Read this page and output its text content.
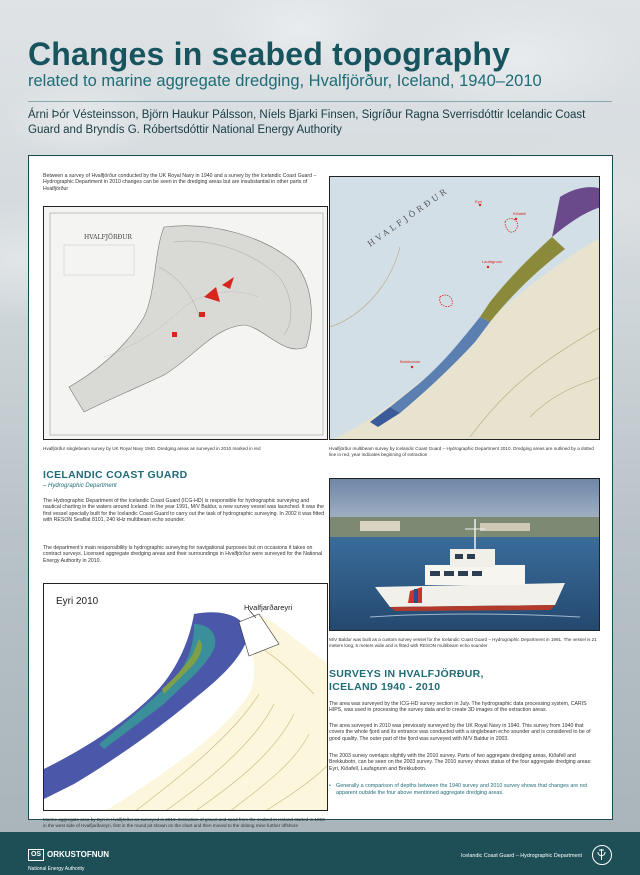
Changes in seabed topography
related to marine aggregate dredging, Hvalfjörður, Iceland, 1940–2010
Árni Þór Vésteinsson, Björn Haukur Pálsson, Níels Bjarki Finsen, Sigríður Ragna Sverrisdóttir Icelandic Coast Guard and Bryndís G. Róbertsdóttir National Energy Authority
Between a survey of Hvalfjörður conducted by the UK Royal Navy in 1940 and a survey by the Icelandic Coast Guard – Hydrographic Department in 2010 changes can be seen in the dredging areas but are insubstantial in other parts of Hvalfjörður
HVALFJÖRÐUR
Hvalfjörður singlebeam survey by UK Royal Navy 1940. Dredging areas as surveyed in 2010 marked in red
HVALFJÖRÐUR	Eyri
Kiðafell
Laufagrunn
Brekkubotn
Hvalfjörður multibeam survey by Icelandic Coast Guard – Hydrographic Department 2010. Dredging areas are outlined by a dotted line in red, year indicates beginning of extraction
ICELANDIC COAST GUARD
– Hydrographic Department
The Hydrographic Department of the Icelandic Coast Guard (ICG-HD) is responsible for hydrographic surveying and nautical charting in the waters around Iceland. In the year 1991, M/V Baldur, a new survey vessel was launched. It was the first vessel specially built for the Icelandic Coast Guard to carry out the task of hydrographic surveying. In 2002 it was fitted with RESON SeaBat 8101, 240 kHz multibeam echo sounder.
The department's main responsibility is hydrographic surveying for navigational purposes but on occasions it takes on contract surveys. Licensed aggregate dredging areas and their surroundings in Hvalfjörður were surveyed for the National Energy Authority in 2010.
M/V Baldur was built as a custom survey vessel for the Icelandic Coast Guard – Hydrographic Department in 1991. The vessel is 21 meters long, 5 meters wide and is fitted with RESON multibeam echo sounder
Eyri 2010
Hvalfjarðareyri
Marine aggregate area by Eyri in Hvalfjörður as surveyed in 2010. Extraction of gravel and sand from the seabed in Iceland started in 1963 in the west side of Hvalfjarðareyri, first in the round pit shown on the chart and then moved to the oblong mine further offshore
SURVEYS IN HVALFJÖRÐUR,
ICELAND 1940 - 2010
The area was surveyed by the ICG-HD survey section in July. The hydrographic data processing system, CARIS HIPS, was used in processing the survey data and to create 3D images of the extraction areas.
The area surveyed in 2010 was previously surveyed by the UK Royal Navy in 1940. This survey from 1940 that covers the whole fjord and its entrance was conducted with a singlebeam echo sounder and is considered to be of good quality. The outer part of the fjord was surveyed with M/V Baldur in 2003.
The 2003 survey overlaps slightly with the 2010 survey. Parts of two aggregate dredging areas, Kiðafell and Brekkubotn, can be seen on the 2003 survey. The 2010 survey shows status of the four aggregate dredging areas: Eyri, Kiðafell, Laufagrunn and Brekkubotn.
• Generally a comparison of depths between the 1940 survey and 2010 survey shows that changes are not apparent outside the four above mentioned aggregate dredging areas.
OS ORKUSTOFNUN
National Energy Authority
Icelandic Coast Guard – Hydrographic Department
